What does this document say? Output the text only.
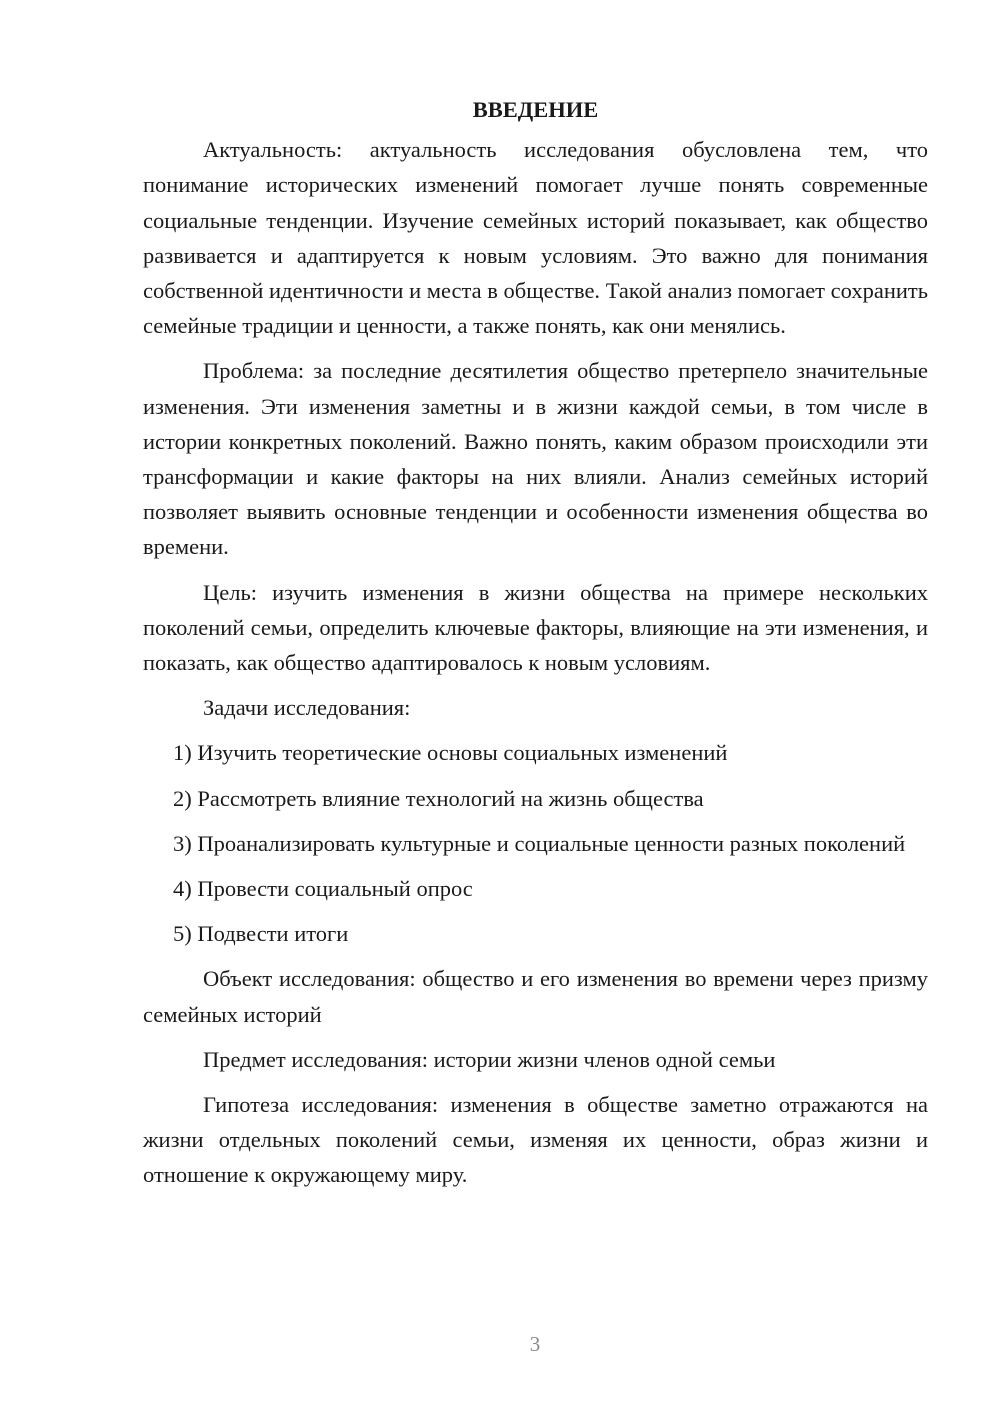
ВВЕДЕНИЕ

Актуальность: актуальность исследования обусловлена тем, что понимание исторических изменений помогает лучше понять современные социальные тенденции. Изучение семейных историй показывает, как общество развивается и адаптируется к новым условиям. Это важно для понимания собственной идентичности и места в обществе. Такой анализ помогает сохранить семейные традиции и ценности, а также понять, как они менялись.

Проблема: за последние десятилетия общество претерпело значительные изменения. Эти изменения заметны и в жизни каждой семьи, в том числе в истории конкретных поколений. Важно понять, каким образом происходили эти трансформации и какие факторы на них влияли. Анализ семейных историй позволяет выявить основные тенденции и особенности изменения общества во времени.

Цель: изучить изменения в жизни общества на примере нескольких поколений семьи, определить ключевые факторы, влияющие на эти изменения, и показать, как общество адаптировалось к новым условиям.

Задачи исследования:

1) Изучить теоретические основы социальных изменений

2) Рассмотреть влияние технологий на жизнь общества

3) Проанализировать культурные и социальные ценности разных поколений

4) Провести социальный опрос

5) Подвести итоги

Объект исследования: общество и его изменения во времени через призму семейных историй

Предмет исследования: истории жизни членов одной семьи

Гипотеза исследования: изменения в обществе заметно отражаются на жизни отдельных поколений семьи, изменяя их ценности, образ жизни и отношение к окружающему миру.

3
